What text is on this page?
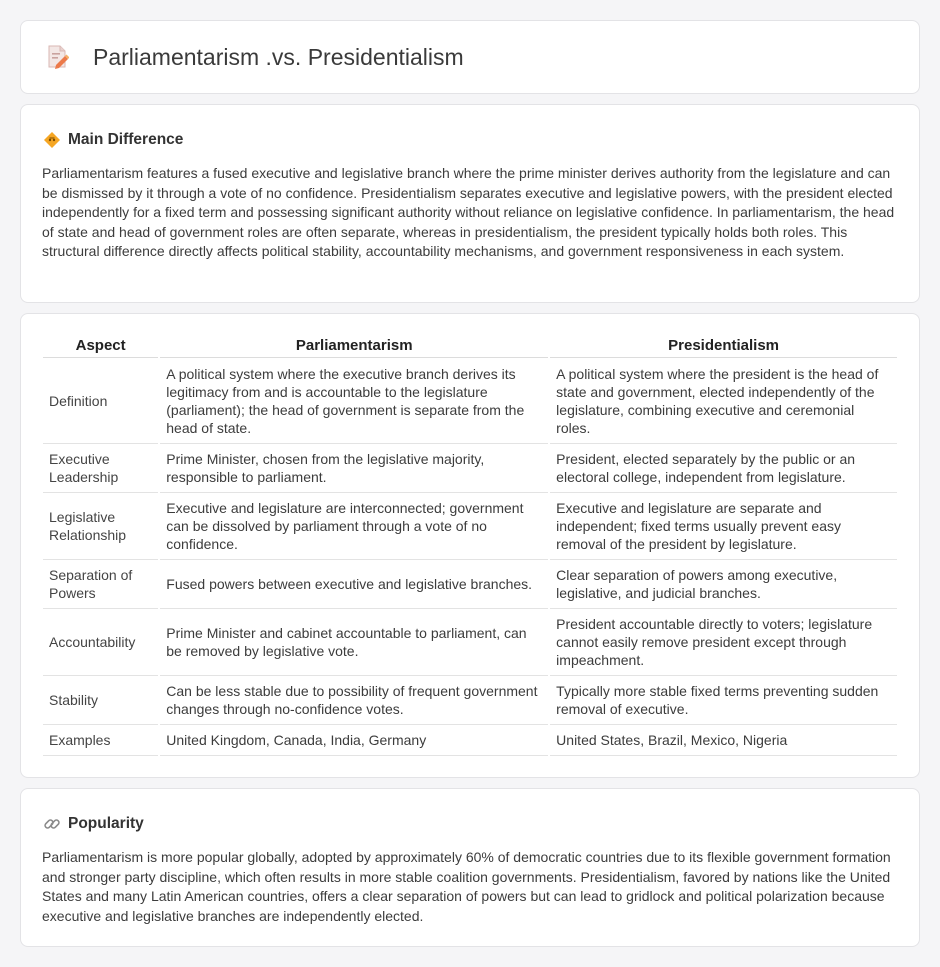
Parliamentarism .vs. Presidentialism
Main Difference

Parliamentarism features a fused executive and legislative branch where the prime minister derives authority from the legislature and can be dismissed by it through a vote of no confidence. Presidentialism separates executive and legislative powers, with the president elected independently for a fixed term and possessing significant authority without reliance on legislative confidence. In parliamentarism, the head of state and head of government roles are often separate, whereas in presidentialism, the president typically holds both roles. This structural difference directly affects political stability, accountability mechanisms, and government responsiveness in each system.

Aspect	Parliamentarism	Presidentialism
Definition	A political system where the executive branch derives its legitimacy from and is accountable to the legislature (parliament); the head of government is separate from the head of state.	A political system where the president is the head of state and government, elected independently of the legislature, combining executive and ceremonial roles.
Executive Leadership	Prime Minister, chosen from the legislative majority, responsible to parliament.	President, elected separately by the public or an electoral college, independent from legislature.
Legislative Relationship	Executive and legislature are interconnected; government can be dissolved by parliament through a vote of no confidence.	Executive and legislature are separate and independent; fixed terms usually prevent easy removal of the president by legislature.
Separation of Powers	Fused powers between executive and legislative branches.	Clear separation of powers among executive, legislative, and judicial branches.
Accountability	Prime Minister and cabinet accountable to parliament, can be removed by legislative vote.	President accountable directly to voters; legislature cannot easily remove president except through impeachment.
Stability	Can be less stable due to possibility of frequent government changes through no-confidence votes.	Typically more stable fixed terms preventing sudden removal of executive.
Examples	United Kingdom, Canada, India, Germany	United States, Brazil, Mexico, Nigeria
Popularity

Parliamentarism is more popular globally, adopted by approximately 60% of democratic countries due to its flexible government formation and stronger party discipline, which often results in more stable coalition governments. Presidentialism, favored by nations like the United States and many Latin American countries, offers a clear separation of powers but can lead to gridlock and political polarization because executive and legislative branches are independently elected.
